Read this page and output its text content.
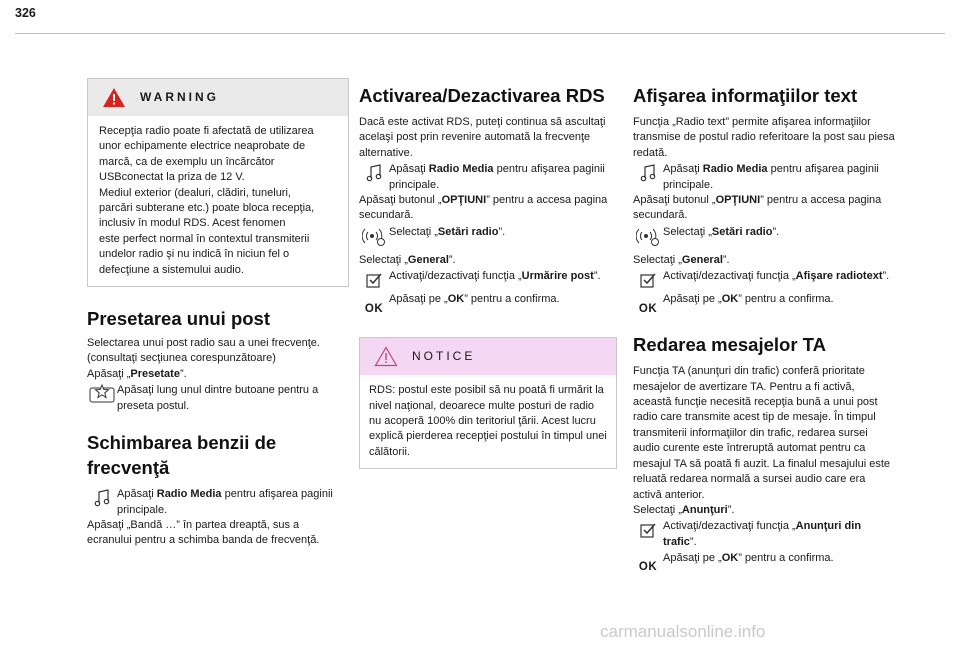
326
WARNING

Recepţia radio poate fi afectată de utilizarea

unor echipamente electrice neaprobate de

marcă, ca de exemplu un încărcător

USBconectat la priza de 12 V.

Mediul exterior (dealuri, clădiri, tuneluri,

parcări subterane etc.) poate bloca recepţia,

inclusiv în modul RDS. Acest fenomen

este perfect normal în contextul transmiterii

undelor radio şi nu indică în niciun fel o

defecţiune a sistemului audio.

Presetarea unui post

Selectarea unui post radio sau a unei frecvenţe.

(consultaţi secţiunea corespunzătoare)

Apăsaţi „Presetate”.

Apăsaţi lung unul dintre butoane pentru a preseta postul.
Schimbarea benzii de
frecvenţă
Apăsaţi Radio Media pentru afişarea paginii principale.

Apăsaţi „Bandă …” în partea dreaptă, sus a

ecranului pentru a schimba banda de frecvenţă.

Activarea/Dezactivarea RDS

Dacă este activat RDS, puteţi continua să ascultaţi acelaşi post prin revenire automată la frecvenţe alternative.

Apăsaţi Radio Media pentru afişarea paginii principale.

Apăsaţi butonul „OPŢIUNI” pentru a accesa pagina secundară.

Selectaţi „Setări radio”.

Selectaţi „General”.

Activaţi/dezactivaţi funcţia „Urmărire post”.
OK
Apăsaţi pe „OK” pentru a confirma.
NOTICE

RDS: postul este posibil să nu poată fi urmărit la nivel naţional, deoarece multe posturi de radio nu acoperă 100% din teritoriul ţării. Acest lucru explică pierderea recepţiei postului în timpul unei călătorii.

Afişarea informaţiilor text

Funcţia „Radio text” permite afişarea informaţiilor transmise de postul radio referitoare la post sau piesa redată.

Apăsaţi Radio Media pentru afişarea paginii principale.

Apăsaţi butonul „OPŢIUNI” pentru a accesa pagina secundară.

Selectaţi „Setări radio”.

Selectaţi „General”.

Activaţi/dezactivaţi funcţia „Afişare radiotext”.
OK
Apăsaţi pe „OK” pentru a confirma.
Redarea mesajelor TA

Funcţia TA (anunţuri din trafic) conferă prioritate mesajelor de avertizare TA. Pentru a fi activă, această funcţie necesită recepţia bună a unui post radio care transmite acest tip de mesaje. În timpul transmiterii informaţiilor din trafic, redarea sursei audio curente este întreruptă automat pentru ca mesajul TA să poată fi auzit. La finalul mesajului este reluată redarea normală a sursei audio care era activă anterior.

Selectaţi „Anunţuri”.

Activaţi/dezactivaţi funcţia „Anunţuri din trafic”.
OK
Apăsaţi pe „OK” pentru a confirma.
carmanualsonline.info
